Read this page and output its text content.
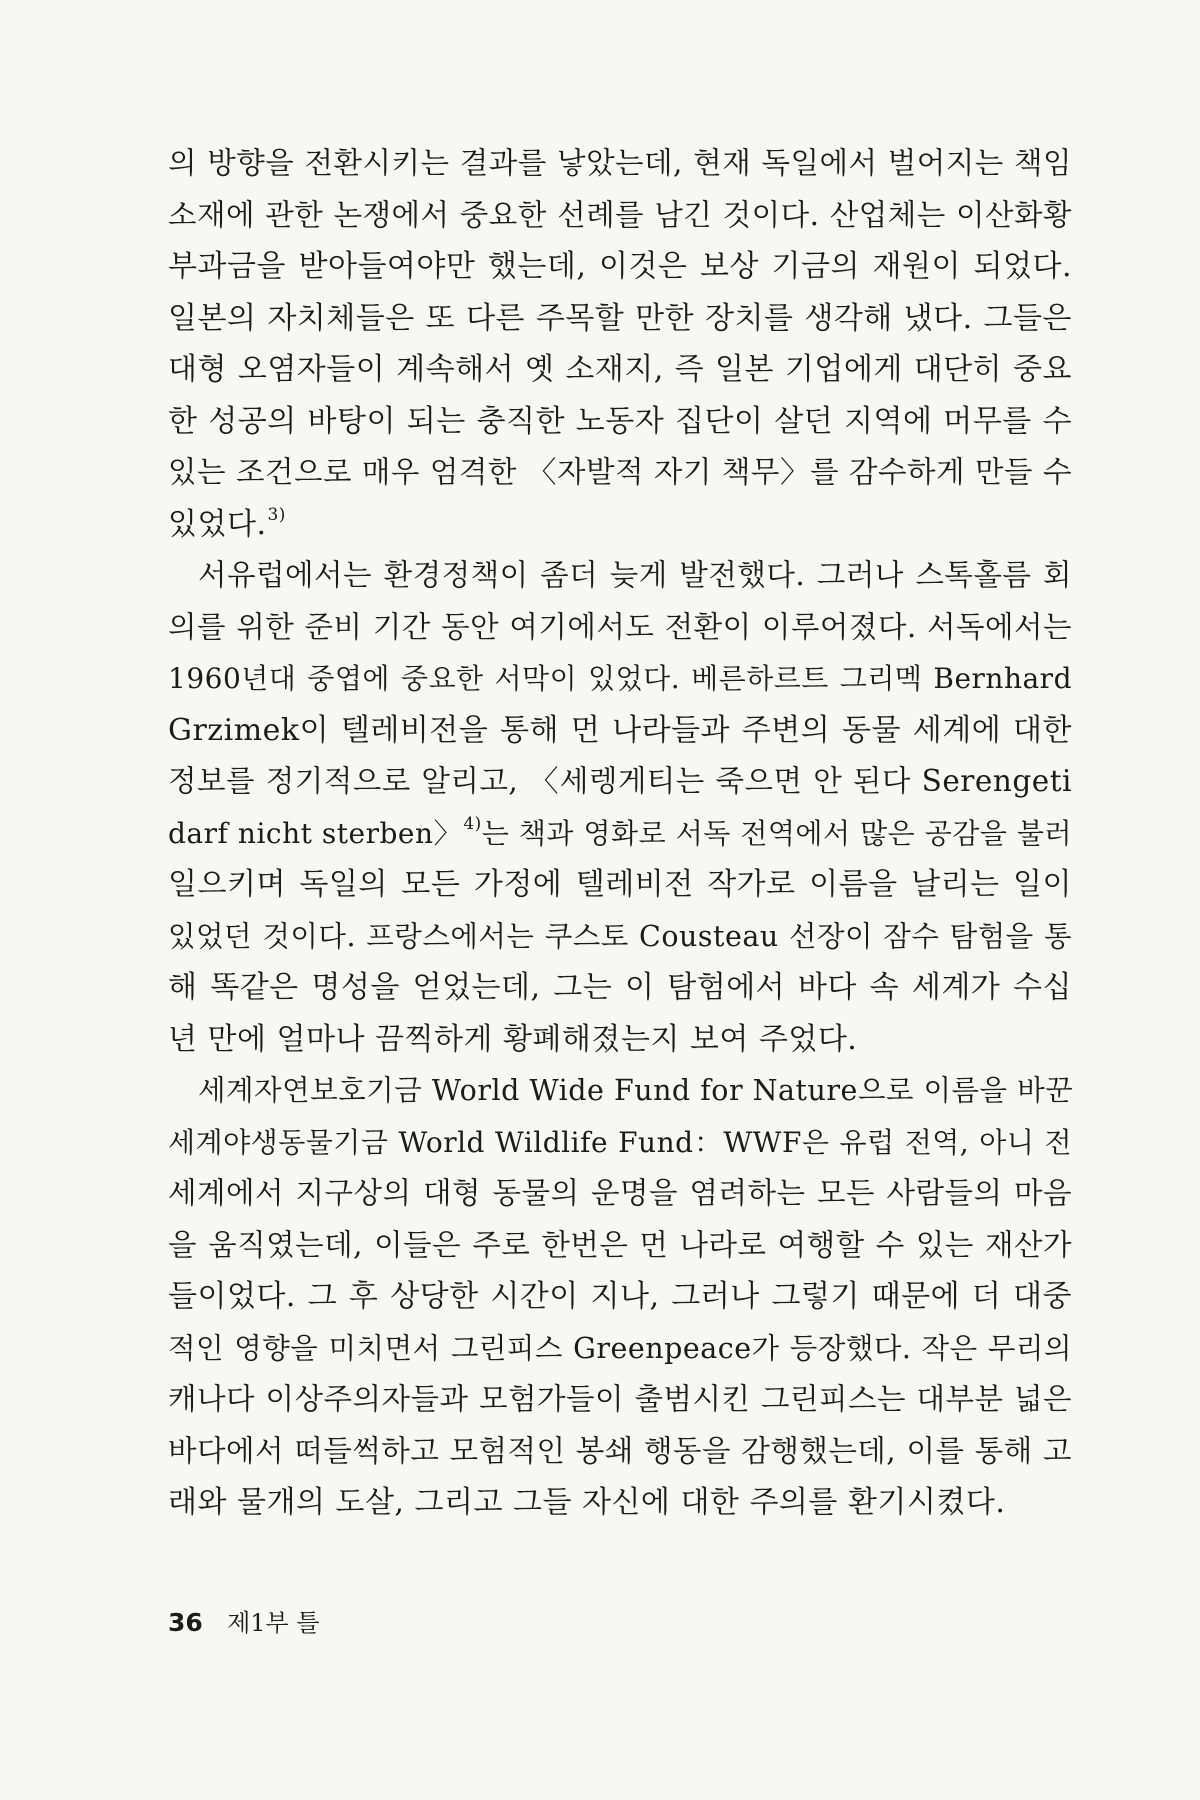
의 방향을 전환시키는 결과를 낳았는데, 현재 독일에서 벌어지는 책임
소재에 관한 논쟁에서 중요한 선례를 남긴 것이다. 산업체는 이산화황
부과금을 받아들여야만 했는데, 이것은 보상 기금의 재원이 되었다.
일본의 자치체들은 또 다른 주목할 만한 장치를 생각해 냈다. 그들은
대형 오염자들이 계속해서 옛 소재지, 즉 일본 기업에게 대단히 중요
한 성공의 바탕이 되는 충직한 노동자 집단이 살던 지역에 머무를 수
있는 조건으로 매우 엄격한 〈자발적 자기 책무〉를 감수하게 만들 수
있었다.$^{3)}$
서유럽에서는 환경정책이 좀더 늦게 발전했다. 그러나 스톡홀름 회
의를 위한 준비 기간 동안 여기에서도 전환이 이루어졌다. 서독에서는
1960년대 중엽에 중요한 서막이 있었다. 베른하르트 그리멕 Bernhard
Grzimek이 텔레비전을 통해 먼 나라들과 주변의 동물 세계에 대한
정보를 정기적으로 알리고, 〈세렝게티는 죽으면 안 된다 Serengeti
darf nicht sterben〉$^{4)}$는 책과 영화로 서독 전역에서 많은 공감을 불러
일으키며 독일의 모든 가정에 텔레비전 작가로 이름을 날리는 일이
있었던 것이다. 프랑스에서는 쿠스토 Cousteau 선장이 잠수 탐험을 통
해 똑같은 명성을 얻었는데, 그는 이 탐험에서 바다 속 세계가 수십
년 만에 얼마나 끔찍하게 황폐해졌는지 보여 주었다.
세계자연보호기금 World Wide Fund for Nature으로 이름을 바꾼
세계야생동물기금 World Wildlife Fund：WWF은 유럽 전역, 아니 전
세계에서 지구상의 대형 동물의 운명을 염려하는 모든 사람들의 마음
을 움직였는데, 이들은 주로 한번은 먼 나라로 여행할 수 있는 재산가
들이었다. 그 후 상당한 시간이 지나, 그러나 그렇기 때문에 더 대중
적인 영향을 미치면서 그린피스 Greenpeace가 등장했다. 작은 무리의
캐나다 이상주의자들과 모험가들이 출범시킨 그린피스는 대부분 넓은
바다에서 떠들썩하고 모험적인 봉쇄 행동을 감행했는데, 이를 통해 고
래와 물개의 도살, 그리고 그들 자신에 대한 주의를 환기시켰다.
36 제1부 틀
